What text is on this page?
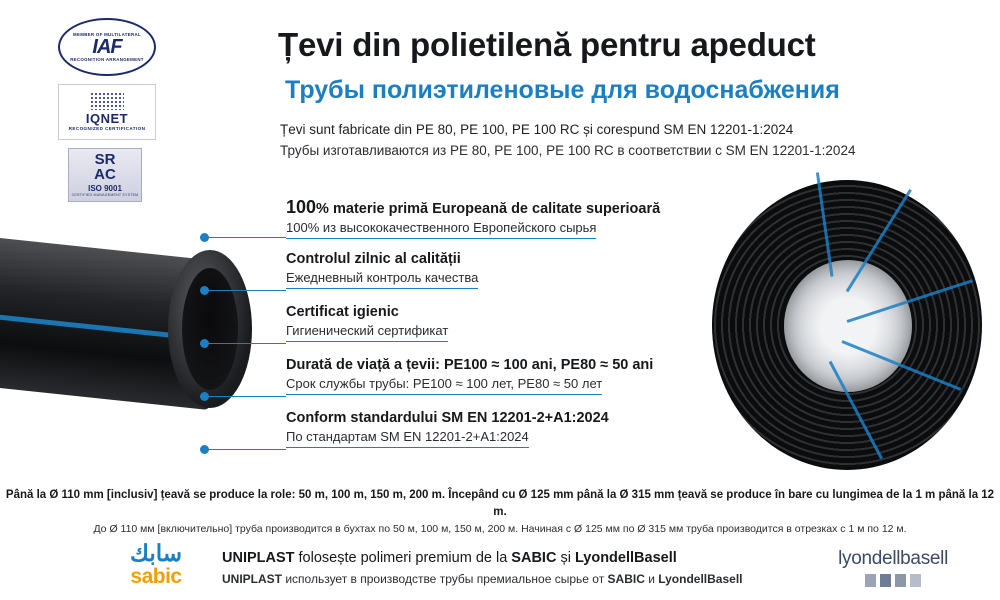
MEMBER OF MULTILATERAL
IAF
RECOGNITION ARRANGEMENT
IQNET
RECOGNIZED CERTIFICATION
SR
AC
ISO 9001
CERTIFIED MANAGEMENT SYSTEM
Țevi din polietilenă pentru apeduct
Трубы полиэтиленовые для водоснабжения
Țevi sunt fabricate din PE 80, PE 100, PE 100 RC și corespund SM EN 12201-1:2024
Трубы изготавливаются из PE 80, PE 100, PE 100 RC в соответствии с SM EN 12201-1:2024
100% materie primă Europeană de calitate superioară
100% из высококачественного Европейского сырья
Controlul zilnic al calității
Ежедневный контроль качества
Certificat igienic
Гигиенический сертификат
Durată de viață a țevii: PE100 ≈ 100 ani, PE80 ≈ 50 ani
Срок службы трубы: PE100 ≈ 100 лет, PE80 ≈ 50 лет
Conform standardului SM EN 12201-2+A1:2024
По стандартам SM EN 12201-2+A1:2024
Până la Ø 110 mm [inclusiv] țeavă se produce la role: 50 m, 100 m, 150 m, 200 m. Începând cu Ø 125 mm până la Ø 315 mm țeavă se produce în bare cu lungimea de la 1 m până la 12 m.
До Ø 110 мм [включительно] труба производится в бухтах по 50 м, 100 м, 150 м, 200 м. Начиная с Ø 125 мм по Ø 315 мм труба производится в отрезках с 1 м по 12 м.
سابك
sabic
UNIPLAST folosește polimeri premium de la SABIC și LyondellBasell
UNIPLAST использует в производстве трубы премиальное сырье от SABIC и LyondellBasell
lyondellbasell
